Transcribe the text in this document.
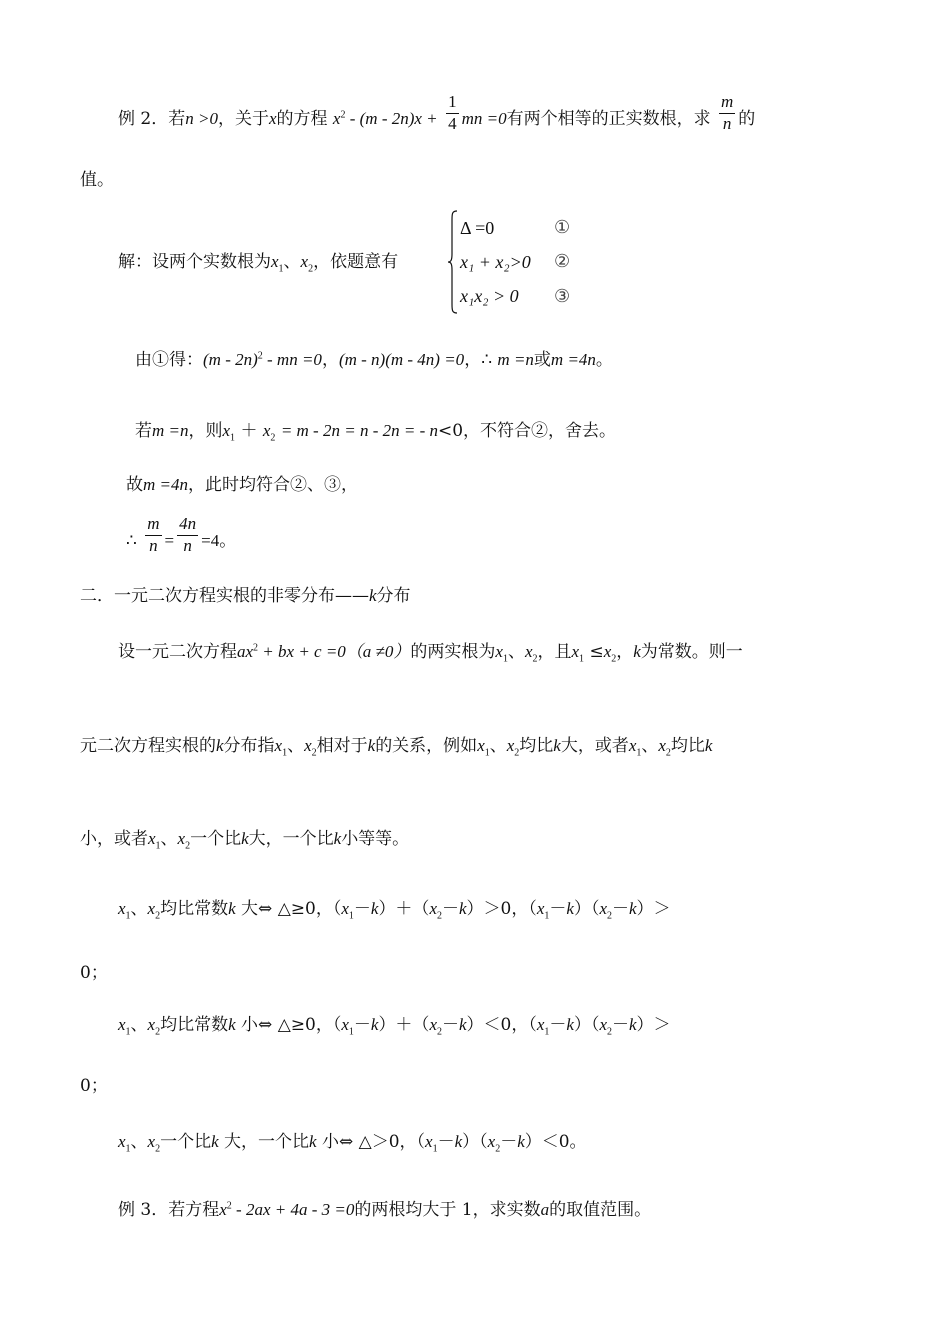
例 2．若n >0，关于x的方程 $x^2 - (m - 2n)x + \frac{1}{4}$ mn =0有两个相等的正实数根，求 $\frac{m}{n}$ 的
值。
解：设两个实数根为$x_1$、$x_2$，依题意有
Δ =0
x₁ + x₂>0
x₁x₂ > 0
①
②
③
由①得：(m - 2n)$^2$ - mn =0，(m - n)(m - 4n) =0，∴ m =n或m =4n。
若m =n，则$x_1 + x_2 = m - 2n = n - 2n$ = - n<0，不符合②，舍去。
故m =4n，此时均符合②、③，
∴ $\frac{m}{n} = \frac{4n}{n} =4$。
二．一元二次方程实根的非零分布——k分布
设一元二次方程$ax^2$ + bx + c =0（a ≠0）的两实根为$x_1$、$x_2$，且$x_1 \le x_2$，k为常数。则一
元二次方程实根的k分布指$x_1$、$x_2$相对于k的关系，例如$x_1$、$x_2$均比k大，或者$x_1$、$x_2$均比k
小，或者$x_1$、$x_2$一个比k大，一个比k小等等。
$x_1$、$x_2$均比常数k 大⇔ △≥0，$(x_1-k)+(x_2-k)>0$，$(x_1-k)(x_2-k)>$
0；
$x_1$、$x_2$均比常数k 小⇔ △≥0，$(x_1-k)+(x_2-k)<0$，$(x_1-k)(x_2-k)>$
0；
$x_1$、$x_2$一个比k 大，一个比k 小⇔ △＞0，$(x_1-k)(x_2-k)<0$。
例 3．若方程$x^2 - 2ax + 4a - 3 =0$的两根均大于 1，求实数a的取值范围。
